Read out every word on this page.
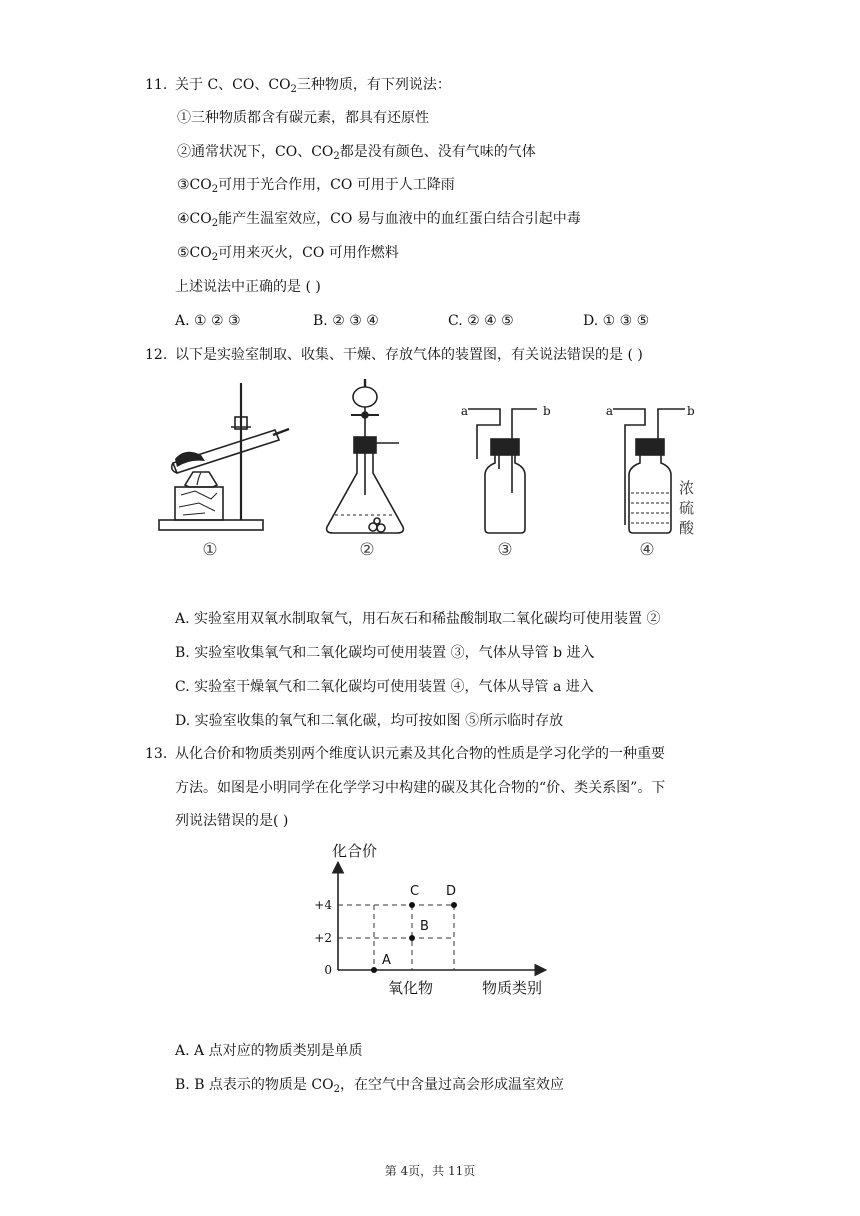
11. 关于 C、CO、$CO_2$三种物质，有下列说法：
①三种物质都含有碳元素，都具有还原性
②通常状况下，CO、$CO_2$都是没有颜色、没有气味的气体
$③CO_2$可用于光合作用，CO 可用于人工降雨
$④CO_2$能产生温室效应，CO 易与血液中的血红蛋白结合引起中毒
$⑤CO_2$可用来灭火，CO 可用作燃料
上述说法中正确的是 ( )
A. ① ② ③	B. ② ③ ④	C. ② ④ ⑤	D. ① ③ ⑤
12. 以下是实验室制取、收集、干燥、存放气体的装置图，有关说法错误的是 ( )
①	②
a	b
③
a	b
浓
硫
酸
④
A. 实验室用双氧水制取氧气，用石灰石和稀盐酸制取二氧化碳均可使用装置 ②
B. 实验室收集氧气和二氧化碳均可使用装置 ③，气体从导管 b 进入
C. 实验室干燥氧气和二氧化碳均可使用装置 ④，气体从导管 a 进入
D. 实验室收集的氧气和二氧化碳，均可按如图 ⑤所示临时存放
13. 从化合价和物质类别两个维度认识元素及其化合物的性质是学习化学的一种重要
方法。如图是小明同学在化学学习中构建的碳及其化合物的“价、类关系图”。下
列说法错误的是( )
化合价
+4
+2
0
氧化物
A
B
C D
物质类别
A. A 点对应的物质类别是单质
B. B 点表示的物质是 $CO_2$，在空气中含量过高会形成温室效应
第 4页，共 11页
